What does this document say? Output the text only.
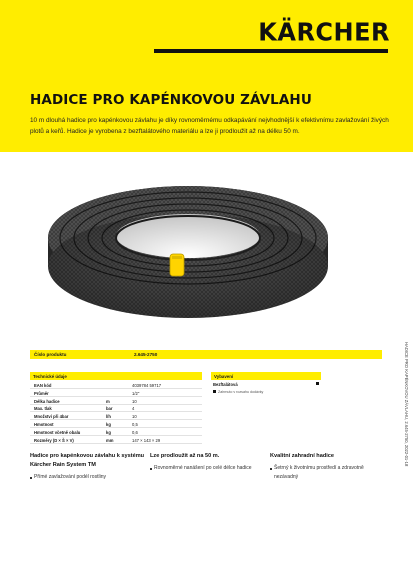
KÄRCHER
HADICE PRO KAPÉNKOVOU ZÁVLAHU
10 m dlouhá hadice pro kapénkovou závlahu je díky rovnoměrnému odkapávání nejvhodnější k efektivnímu zavlažování živých plotů a keřů. Hadice je vyrobena z bezftalátového materiálu a lze ji prodloužit až na délku 50 m.
Číslo produktu	2.645-2750
Technické údaje
EAN kód	4039784 59717
Průměr	1/2"
Délka hadice	m	10
Max. tlak	bar	4
Množství při 4bar	l/h	10
Hmotnost	kg	0,5
Hmotnost včetně obalu	kg	0,6
Rozměry (D × Š × V)	mm	147 × 143 × 29
Vybavení
Bezftalátová
Zahrnuto v rozsahu dodávky
Hadice pro kapénkovou závlahu k systému Kärcher Rain System TM
Přímé zavlažování podél rostliny
Lze prodloužit až na 50 m.
Rovnoměrné nanášení po celé délce hadice
Kvalitní zahradní hadice
Šetrný k životnímu prostředí a zdravotně nezávadný
HADICE PRO KAPÉNKOVOU ZÁVLAHU, 2.645-2750, 2022-01-18
